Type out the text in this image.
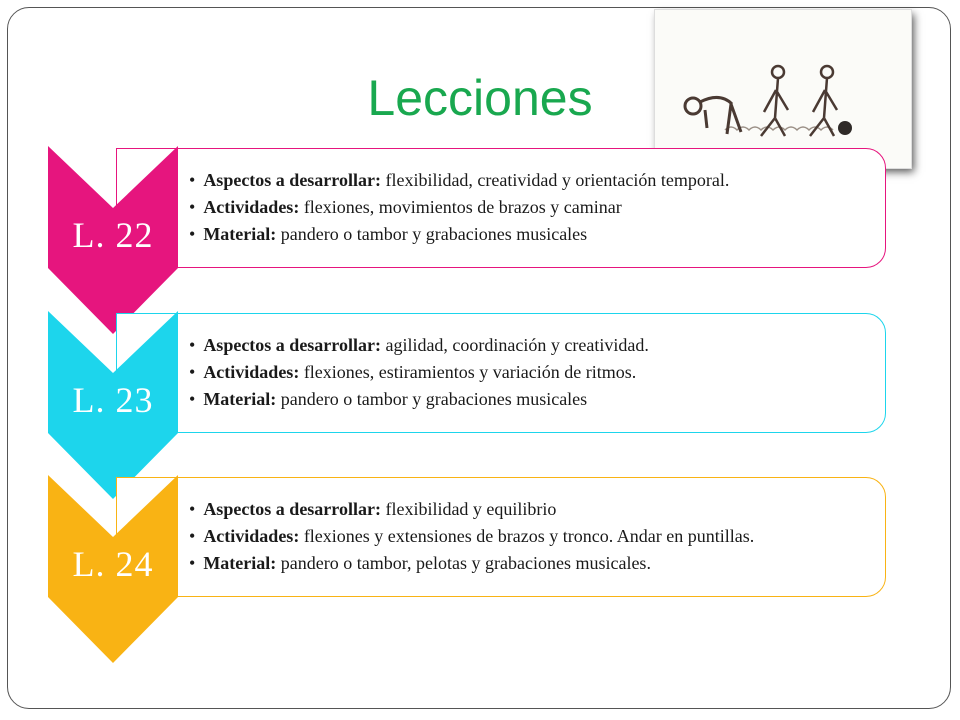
Lecciones
• Aspectos a desarrollar: flexibilidad, creatividad y orientación temporal.
• Actividades: flexiones, movimientos de brazos y caminar
• Material: pandero o tambor y grabaciones musicales
L. 22
• Aspectos a desarrollar: agilidad, coordinación y creatividad.
• Actividades: flexiones, estiramientos y variación de ritmos.
• Material: pandero o tambor y grabaciones musicales
L. 23
• Aspectos a desarrollar: flexibilidad y equilibrio
• Actividades: flexiones y extensiones de brazos y tronco. Andar en puntillas.
• Material: pandero o tambor, pelotas y grabaciones musicales.
L. 24
